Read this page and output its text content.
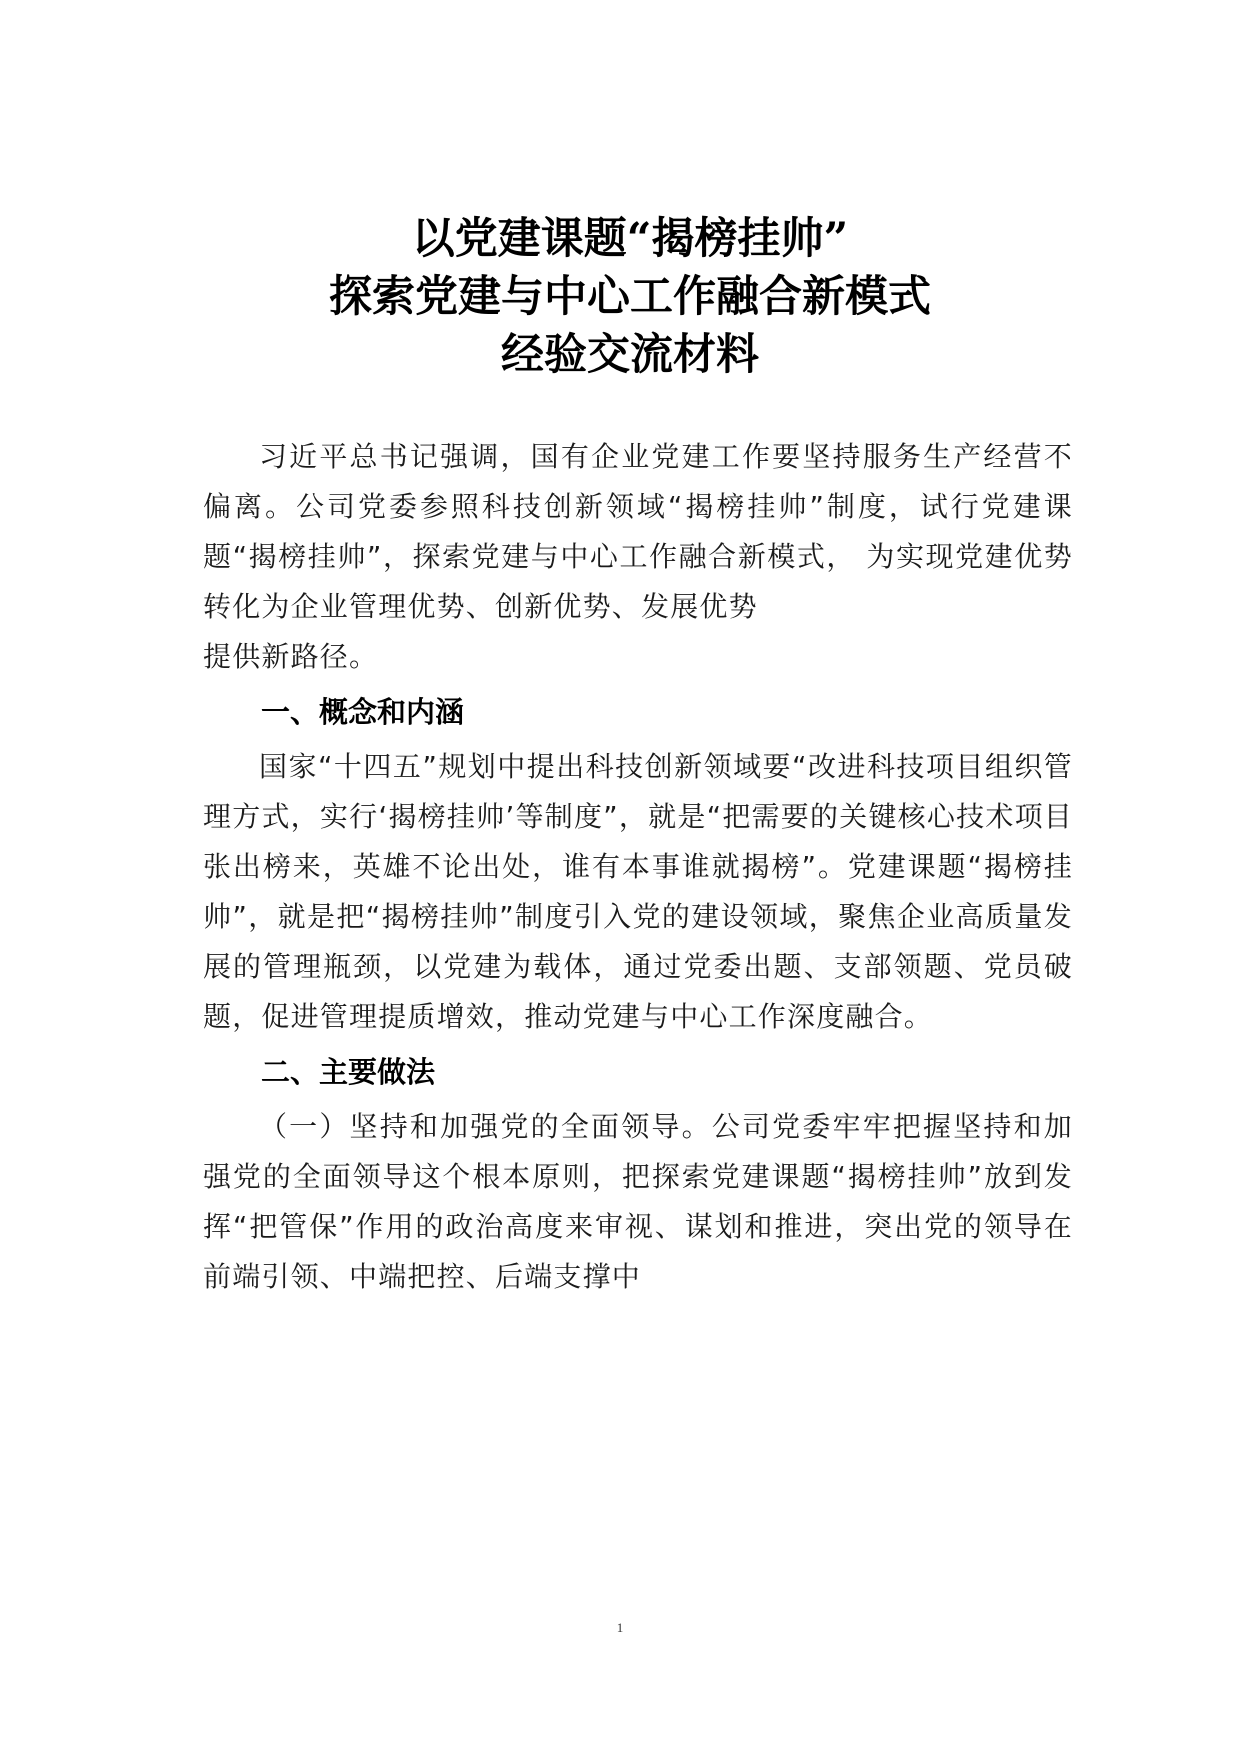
以党建课题“揭榜挂帅”
探索党建与中心工作融合新模式
经验交流材料

习近平总书记强调，国有企业党建工作要坚持服务生产经营不偏离。公司党委参照科技创新领域“揭榜挂帅”制度，试行党建课题“揭榜挂帅”，探索党建与中心工作融合新模式， 为实现党建优势转化为企业管理优势、创新优势、发展优势

提供新路径。

一、概念和内涵

国家“十四五”规划中提出科技创新领域要“改进科技项目组织管理方式，实行‘揭榜挂帅’等制度”，就是“把需要的关键核心技术项目张出榜来，英雄不论出处，谁有本事谁就揭榜”。党建课题“揭榜挂帅”，就是把“揭榜挂帅”制度引入党的建设领域，聚焦企业高质量发展的管理瓶颈，以党建为载体，通过党委出题、支部领题、党员破题，促进管理提质增效，推动党建与中心工作深度融合。

二、主要做法

（一）坚持和加强党的全面领导。公司党委牢牢把握坚持和加强党的全面领导这个根本原则，把探索党建课题“揭榜挂帅”放到发挥“把管保”作用的政治高度来审视、谋划和推进，突出党的领导在前端引领、中端把控、后端支撑中

1
